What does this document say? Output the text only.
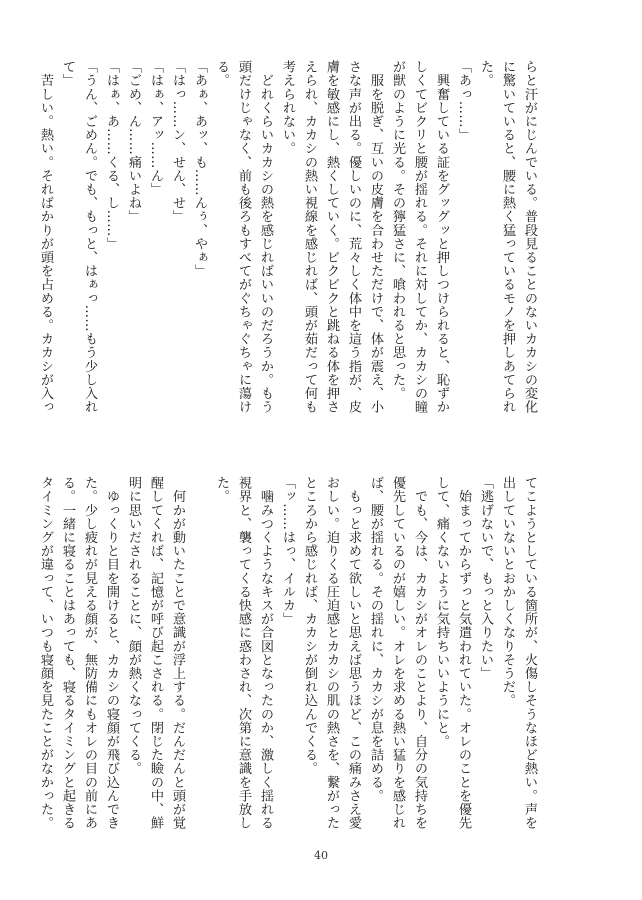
らと汗がにじんでいる。普段見ることのないカカシの変化
に驚いていると、腰に熱く猛っているモノを押しあてられ
た。
「あっ……」
　興奮している証をグッグッと押しつけられると、恥ずか
しくてビクリと腰が揺れる。それに対してか、カカシの瞳
が獣のように光る。その獰猛さに、喰われると思った。
　服を脱ぎ、互いの皮膚を合わせただけで、体が震え、小
さな声が出る。優しいのに、荒々しく体中を這う指が、皮
膚を敏感にし、熱くしていく。ビクビクと跳ねる体を押さ
えられ、カカシの熱い視線を感じれば、頭が茹だって何も
考えられない。
　どれくらいカカシの熱を感じればいいのだろうか。もう
頭だけじゃなく、前も後ろもすべてがぐちゃぐちゃに蕩け
る。
「あぁ、あッ、も……んぅ、やぁ」
「はっ……ン、せん、せ」
「はぁ、アッ……ん」
「ごめ、ん……痛いよね」
「はぁ、あ……くる、し……」
「うん、ごめん。でも、もっと、はぁっ……もう少し入れ
て」
　苦しい。熱い。そればかりが頭を占める。カカシが入っ
てこようとしている箇所が、火傷しそうなほど熱い。声を
出していないとおかしくなりそうだ。
「逃げないで、もっと入りたい」
　始まってからずっと気遣われていた。オレのことを優先
して、痛くないように気持ちいいようにと。
　でも、今は、カカシがオレのことより、自分の気持ちを
優先しているのが嬉しい。オレを求める熱い猛りを感じれ
ば、腰が揺れる。その揺れに、カカシが息を詰める。
　もっと求めて欲しいと思えば思うほど、この痛みさえ愛
おしい。迫りくる圧迫感とカカシの肌の熱さを、繋がった
ところから感じれば、カカシが倒れ込んでくる。
「ッ……はっ、イルカ」
　噛みつくようなキスが合図となったのか、激しく揺れる
視界と、襲ってくる快感に惑わされ、次第に意識を手放し
た。

　何かが動いたことで意識が浮上する。だんだんと頭が覚
醒してくれば、記憶が呼び起こされる。閉じた瞼の中、鮮
明に思いだされることに、顔が熱くなってくる。
　ゆっくりと目を開けると、カカシの寝顔が飛び込んでき
た。少し疲れが見える顔が、無防備にもオレの目の前にあ
る。一緒に寝ることはあっても、寝るタイミングと起きる
タイミングが違って、いつも寝顔を見たことがなかった。
40
